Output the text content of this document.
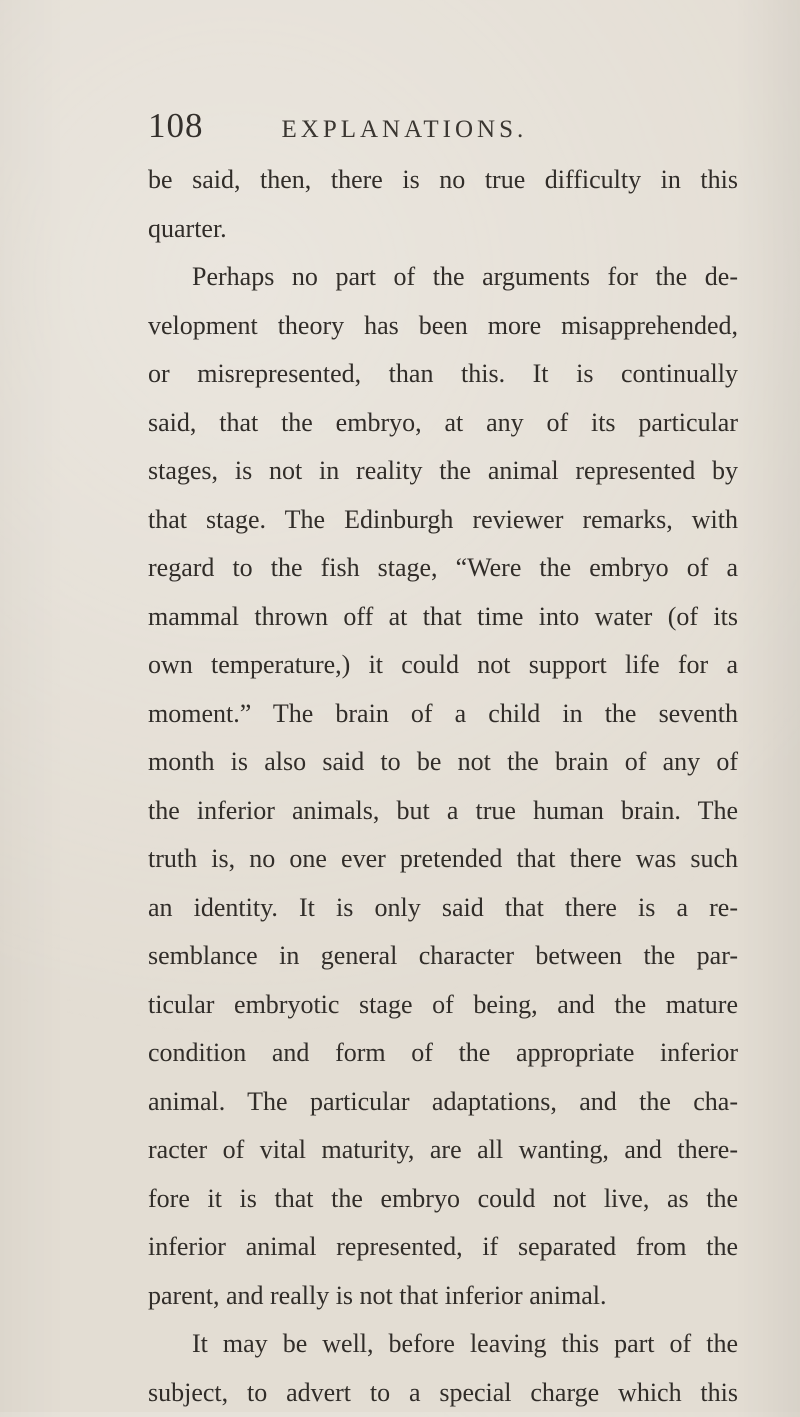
108	EXPLANATIONS.
be said, then, there is no true difficulty in this
quarter.
Perhaps no part of the arguments for the de-
velopment theory has been more misapprehended,
or misrepresented, than this. It is continually
said, that the embryo, at any of its particular
stages, is not in reality the animal represented by
that stage. The Edinburgh reviewer remarks, with
regard to the fish stage, “Were the embryo of a
mammal thrown off at that time into water (of its
own temperature,) it could not support life for a
moment.” The brain of a child in the seventh
month is also said to be not the brain of any of
the inferior animals, but a true human brain. The
truth is, no one ever pretended that there was such
an identity. It is only said that there is a re-
semblance in general character between the par-
ticular embryotic stage of being, and the mature
condition and form of the appropriate inferior
animal. The particular adaptations, and the cha-
racter of vital maturity, are all wanting, and there-
fore it is that the embryo could not live, as the
inferior animal represented, if separated from the
parent, and really is not that inferior animal.
It may be well, before leaving this part of the
subject, to advert to a special charge which this
